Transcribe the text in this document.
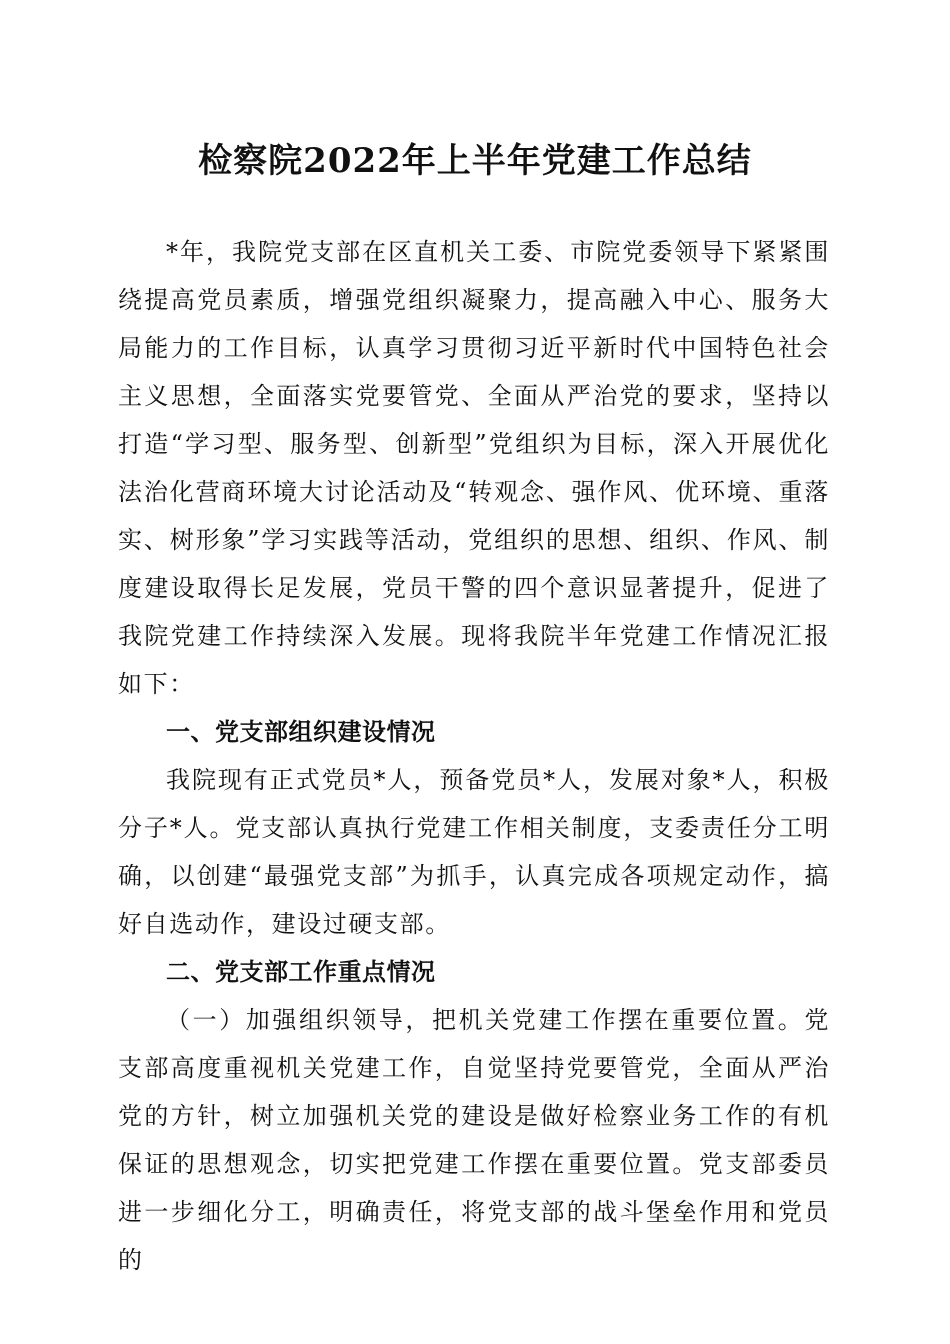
检察院2022年上半年党建工作总结

*年，我院党支部在区直机关工委、市院党委领导下紧紧围绕提高党员素质，增强党组织凝聚力，提高融入中心、服务大局能力的工作目标，认真学习贯彻习近平新时代中国特色社会主义思想，全面落实党要管党、全面从严治党的要求，坚持以打造“学习型、服务型、创新型”党组织为目标，深入开展优化法治化营商环境大讨论活动及“转观念、强作风、优环境、重落实、树形象”学习实践等活动，党组织的思想、组织、作风、制度建设取得长足发展，党员干警的四个意识显著提升，促进了我院党建工作持续深入发展。现将我院半年党建工作情况汇报如下：

一、党支部组织建设情况

我院现有正式党员*人，预备党员*人，发展对象*人，积极分子*人。党支部认真执行党建工作相关制度，支委责任分工明确，以创建“最强党支部”为抓手，认真完成各项规定动作，搞好自选动作，建设过硬支部。

二、党支部工作重点情况

（一）加强组织领导，把机关党建工作摆在重要位置。党支部高度重视机关党建工作，自觉坚持党要管党，全面从严治党的方针，树立加强机关党的建设是做好检察业务工作的有机保证的思想观念，切实把党建工作摆在重要位置。党支部委员进一步细化分工，明确责任，将党支部的战斗堡垒作用和党员的
